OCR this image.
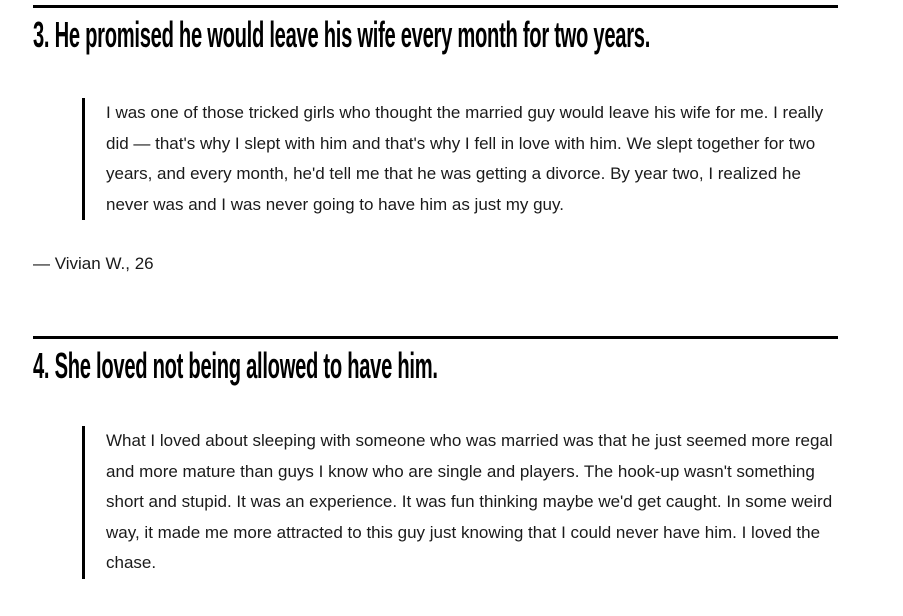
3. He promised he would leave his wife every month for two years.

I was one of those tricked girls who thought the married guy would leave his wife for me. I really did — that's why I slept with him and that's why I fell in love with him. We slept together for two years, and every month, he'd tell me that he was getting a divorce. By year two, I realized he never was and I was never going to have him as just my guy.

— Vivian W., 26

4. She loved not being allowed to have him.

What I loved about sleeping with someone who was married was that he just seemed more regal and more mature than guys I know who are single and players. The hook-up wasn't something short and stupid. It was an experience. It was fun thinking maybe we'd get caught. In some weird way, it made me more attracted to this guy just knowing that I could never have him. I loved the chase.
